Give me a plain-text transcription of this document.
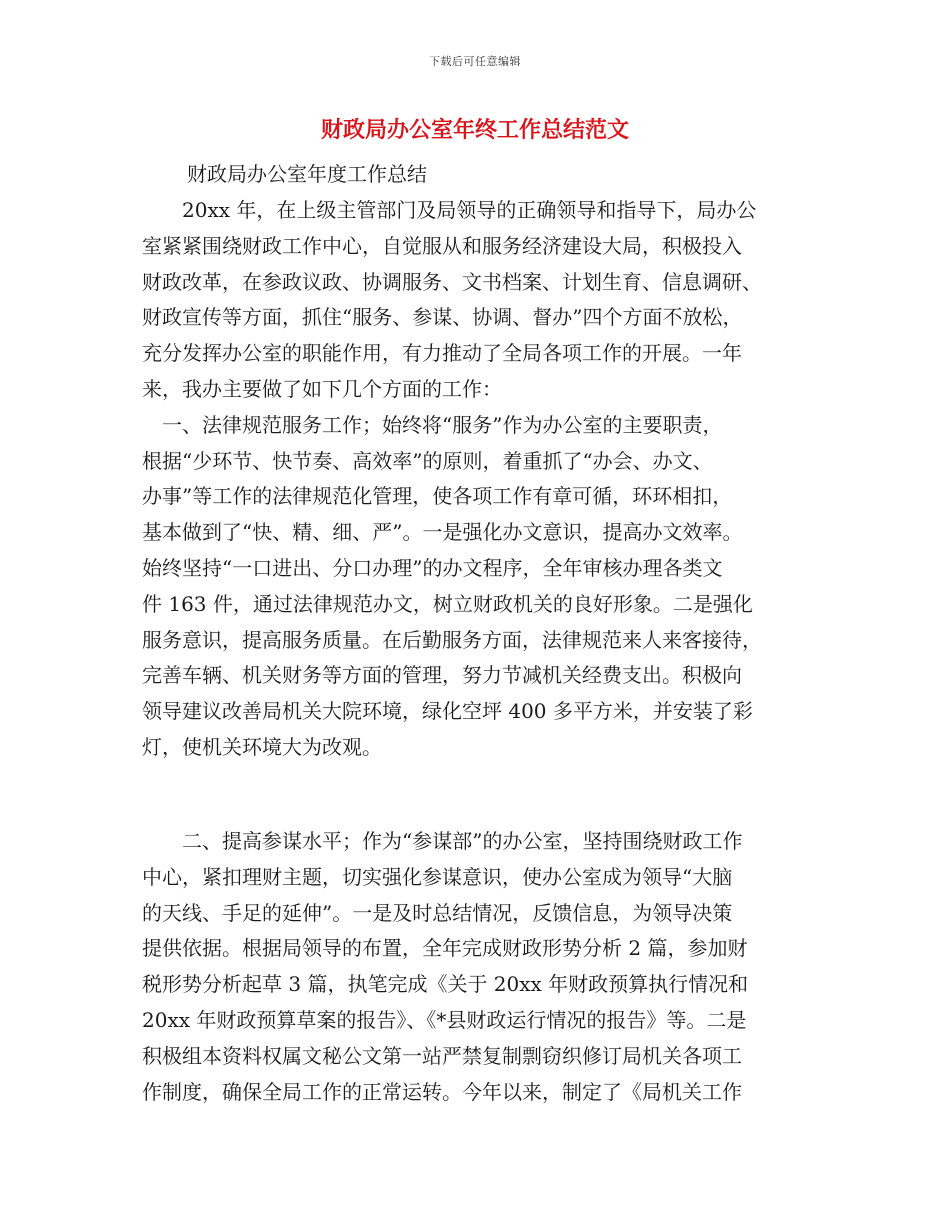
下载后可任意编辑
财政局办公室年终工作总结范文
财政局办公室年度工作总结
　　20xx 年，在上级主管部门及局领导的正确领导和指导下，局办公
室紧紧围绕财政工作中心，自觉服从和服务经济建设大局，积极投入
财政改革，在参政议政、协调服务、文书档案、计划生育、信息调研、
财政宣传等方面，抓住“服务、参谋、协调、督办”四个方面不放松，
充分发挥办公室的职能作用，有力推动了全局各项工作的开展。一年
来，我办主要做了如下几个方面的工作：
　一、法律规范服务工作；始终将“服务”作为办公室的主要职责，
根据“少环节、快节奏、高效率”的原则，着重抓了“办会、办文、
办事”等工作的法律规范化管理，使各项工作有章可循，环环相扣，
基本做到了“快、精、细、严”。一是强化办文意识，提高办文效率。
始终坚持“一口进出、分口办理”的办文程序，全年审核办理各类文
件 163 件，通过法律规范办文，树立财政机关的良好形象。二是强化
服务意识，提高服务质量。在后勤服务方面，法律规范来人来客接待，
完善车辆、机关财务等方面的管理，努力节减机关经费支出。积极向
领导建议改善局机关大院环境，绿化空坪 400 多平方米，并安装了彩
灯，使机关环境大为改观。
　　二、提高参谋水平；作为“参谋部”的办公室，坚持围绕财政工作
中心，紧扣理财主题，切实强化参谋意识，使办公室成为领导“大脑
的天线、手足的延伸”。一是及时总结情况，反馈信息，为领导决策
提供依据。根据局领导的布置，全年完成财政形势分析 2 篇，参加财
税形势分析起草 3 篇，执笔完成《关于 20xx 年财政预算执行情况和
20xx 年财政预算草案的报告》、《*县财政运行情况的报告》等。二是
积极组本资料权属文秘公文第一站严禁复制剽窃织修订局机关各项工
作制度，确保全局工作的正常运转。今年以来，制定了《局机关工作
